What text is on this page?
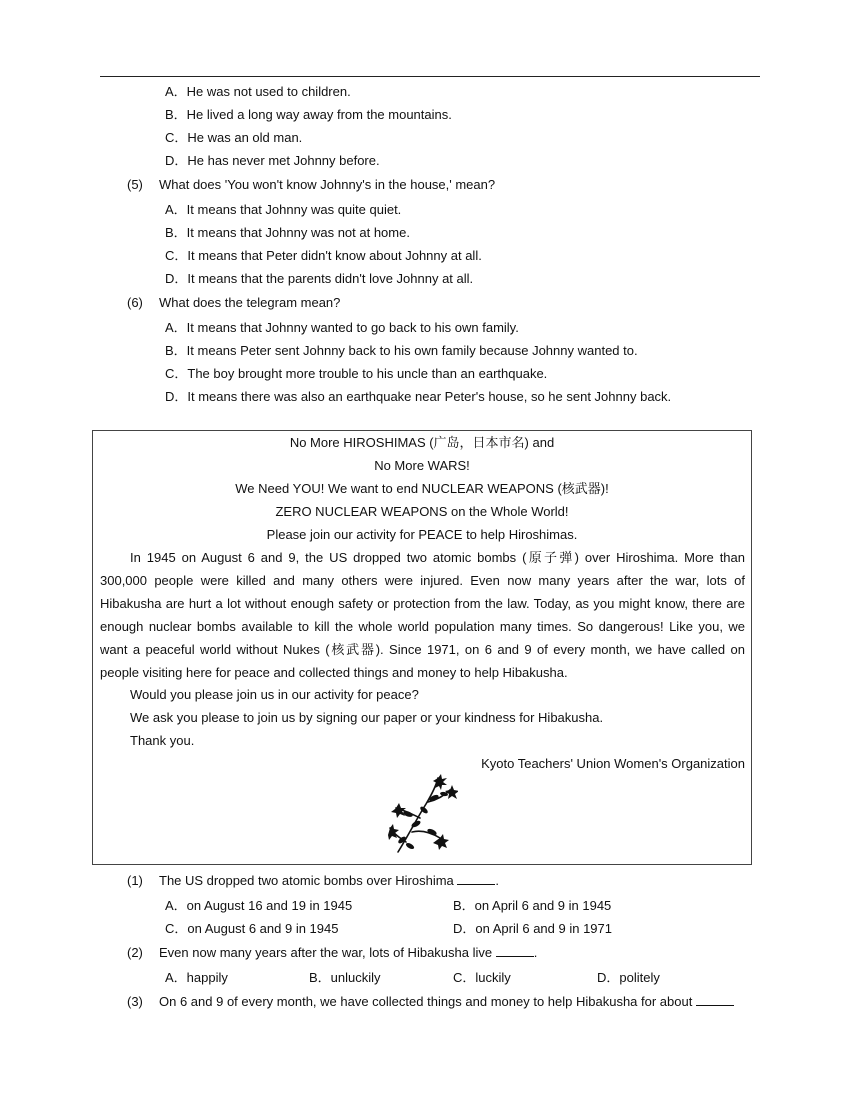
A．He was not used to children.
B．He lived a long way away from the mountains.
C．He was an old man.
D．He has never met Johnny before.
(5) What does 'You won't know Johnny's in the house,' mean?
A．It means that Johnny was quite quiet.
B．It means that Johnny was not at home.
C．It means that Peter didn't know about Johnny at all.
D．It means that the parents didn't love Johnny at all.
(6) What does the telegram mean?
A．It means that Johnny wanted to go back to his own family.
B．It means Peter sent Johnny back to his own family because Johnny wanted to.
C．The boy brought more trouble to his uncle than an earthquake.
D．It means there was also an earthquake near Peter's house, so he sent Johnny back.
No More HIROSHIMAS (广岛，日本市名) and
No More WARS!
We Need YOU! We want to end NUCLEAR WEAPONS (核武器)!
ZERO NUCLEAR WEAPONS on the Whole World!
Please join our activity for PEACE to help Hiroshimas.

In 1945 on August 6 and 9, the US dropped two atomic bombs (原子弹) over Hiroshima. More than 300,000 people were killed and many others were injured. Even now many years after the war, lots of Hibakusha are hurt a lot without enough safety or protection from the law. Today, as you might know, there are enough nuclear bombs available to kill the whole world population many times. So dangerous! Like you, we want a peaceful world without Nukes (核武器). Since 1971, on 6 and 9 of every month, we have called on people visiting here for peace and collected things and money to help Hibakusha.

Would you please join us in our activity for peace?
We ask you please to join us by signing our paper or your kindness for Hibakusha.
Thank you.
Kyoto Teachers' Union Women's Organization
(1) The US dropped two atomic bombs over Hiroshima	.
A．on August 16 and 19 in 1945	B．on April 6 and 9 in 1945
C．on August 6 and 9 in 1945	D．on April 6 and 9 in 1971
(2) Even now many years after the war, lots of Hibakusha live	.
A．happily	B．unluckily	C．luckily	D．politely
(3) On 6 and 9 of every month, we have collected things and money to help Hibakusha for about
